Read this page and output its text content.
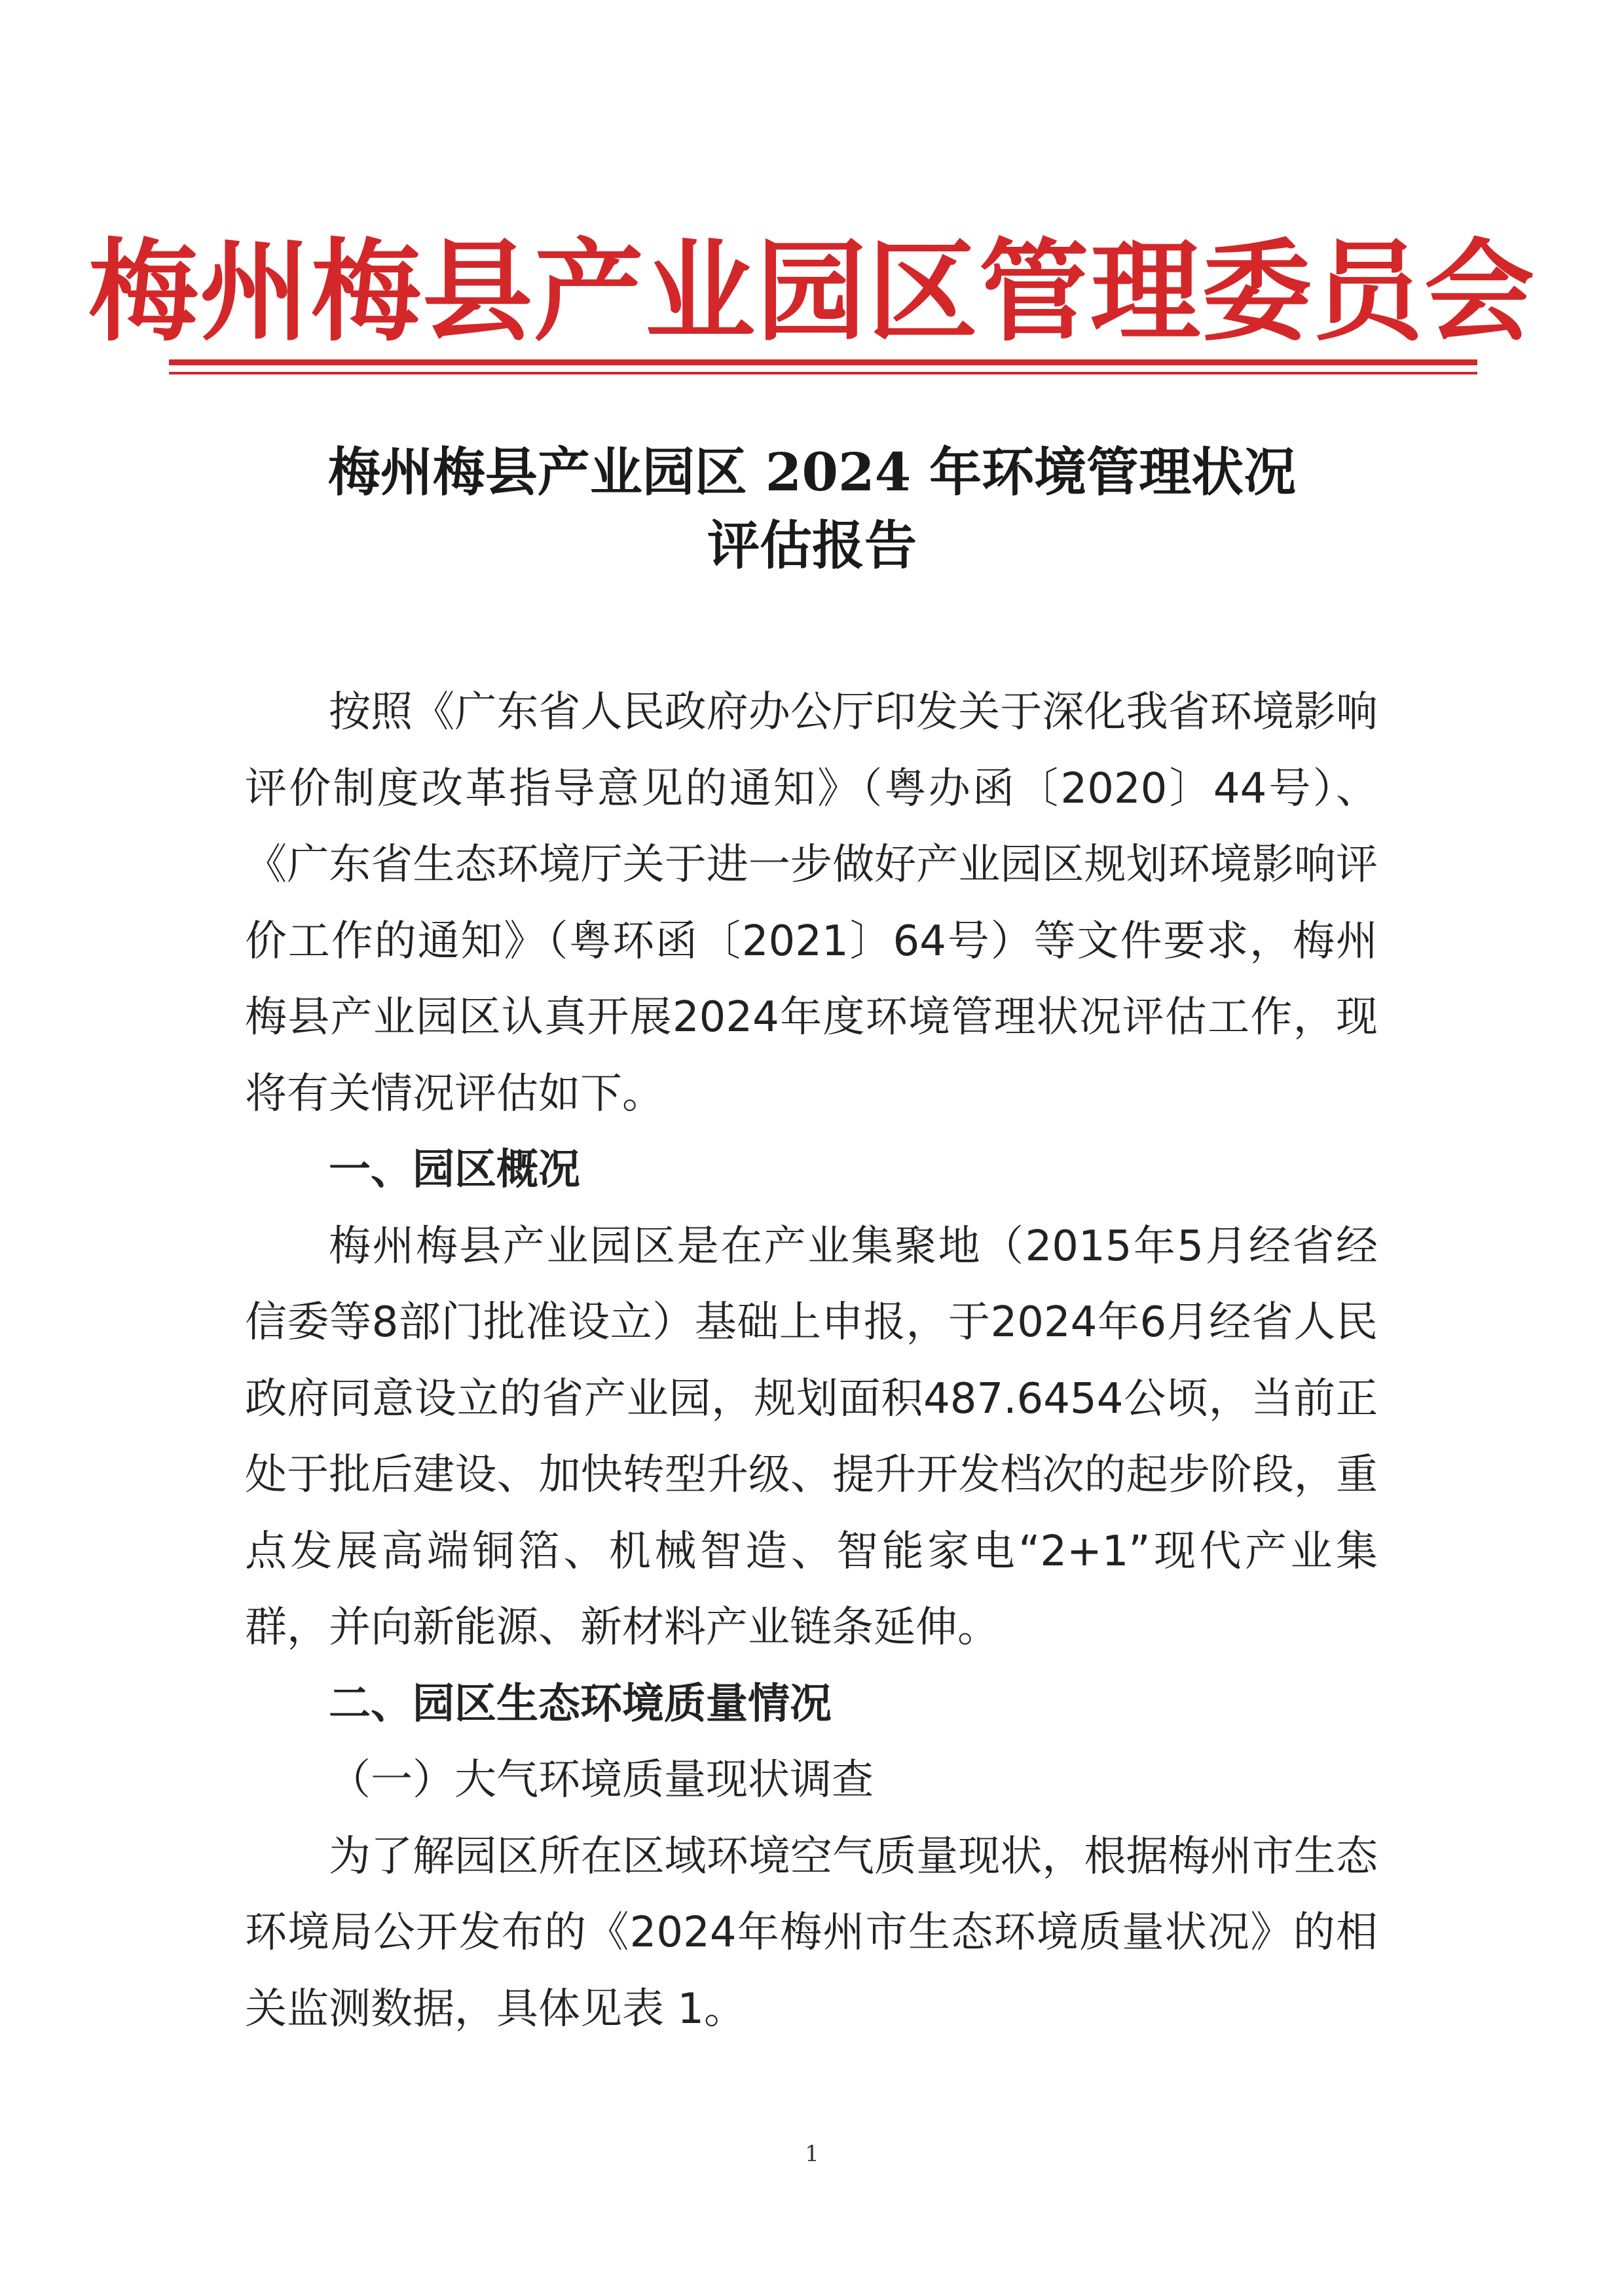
梅州梅县产业园区管理委员会
梅州梅县产业园区 2024 年环境管理状况
评估报告

按照《广东省人民政府办公厅印发关于深化我省环境影响评价制度改革指导意见的通知》（粤办函〔2020〕44号）、《广东省生态环境厅关于进一步做好产业园区规划环境影响评价工作的通知》（粤环函〔2021〕64号）等文件要求，梅州梅县产业园区认真开展2024年度环境管理状况评估工作，现将有关情况评估如下。

一、园区概况

梅州梅县产业园区是在产业集聚地（2015年5月经省经信委等8部门批准设立）基础上申报，于2024年6月经省人民政府同意设立的省产业园，规划面积487.6454公顷，当前正处于批后建设、加快转型升级、提升开发档次的起步阶段，重点发展高端铜箔、机械智造、智能家电“2+1”现代产业集群，并向新能源、新材料产业链条延伸。

二、园区生态环境质量情况

（一）大气环境质量现状调查

为了解园区所在区域环境空气质量现状，根据梅州市生态环境局公开发布的《2024年梅州市生态环境质量状况》的相关监测数据，具体见表 1。

1
